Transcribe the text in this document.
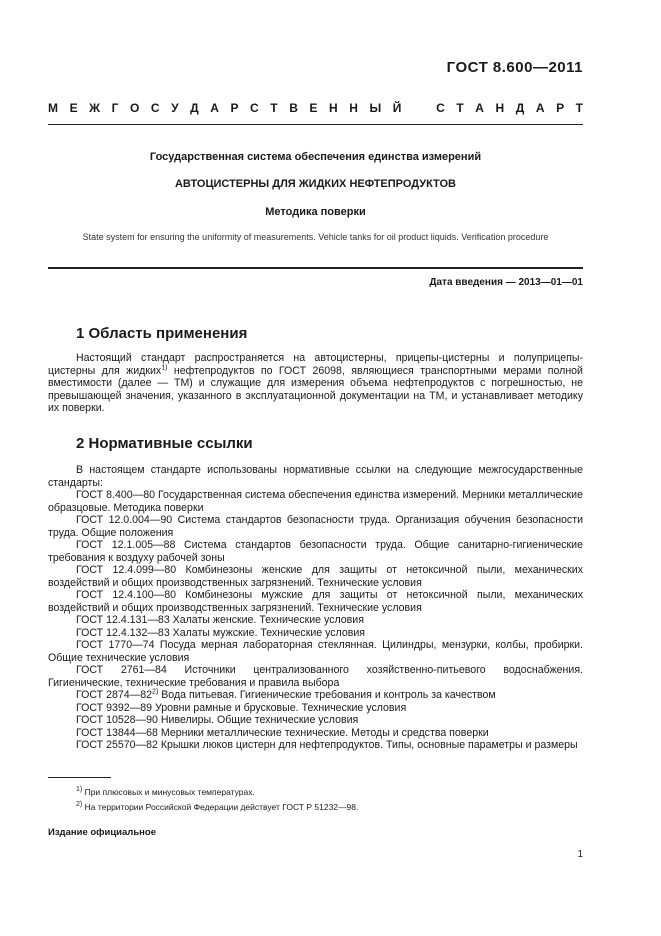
ГОСТ 8.600—2011
М Е Ж Г О С У Д А Р С Т В Е Н Н Ы Й	С Т А Н Д А Р Т
Государственная система обеспечения единства измерений
АВТОЦИСТЕРНЫ ДЛЯ ЖИДКИХ НЕФТЕПРОДУКТОВ
Методика поверки
State system for ensuring the uniformity of measurements. Vehicle tanks for oil product liquids. Verification procedure
Дата введения — 2013—01—01
1 Область применения

Настоящий стандарт распространяется на автоцистерны, прицепы-цистерны и полуприцепы-цистерны для жидких$^{1)}$ нефтепродуктов по ГОСТ 26098, являющиеся транспортными мерами полной вместимости (далее — ТМ) и служащие для измерения объема нефтепродуктов с погрешностью, не превышающей значения, указанного в эксплуатационной документации на ТМ, и устанавливает методику их поверки.

2 Нормативные ссылки

В настоящем стандарте использованы нормативные ссылки на следующие межгосударственные стандарты:

ГОСТ 8.400—80 Государственная система обеспечения единства измерений. Мерники металлические образцовые. Методика поверки

ГОСТ 12.0.004—90 Система стандартов безопасности труда. Организация обучения безопасности труда. Общие положения

ГОСТ 12.1.005—88 Система стандартов безопасности труда. Общие санитарно-гигиенические требования к воздуху рабочей зоны

ГОСТ 12.4.099—80 Комбинезоны женские для защиты от нетоксичной пыли, механических воздействий и общих производственных загрязнений. Технические условия

ГОСТ 12.4.100—80 Комбинезоны мужские для защиты от нетоксичной пыли, механических воздействий и общих производственных загрязнений. Технические условия

ГОСТ 12.4.131—83 Халаты женские. Технические условия

ГОСТ 12.4.132—83 Халаты мужские. Технические условия

ГОСТ 1770—74 Посуда мерная лабораторная стеклянная. Цилиндры, мензурки, колбы, пробирки. Общие технические условия

ГОСТ 2761—84 Источники централизованного хозяйственно-питьевого водоснабжения. Гигиенические, технические требования и правила выбора

ГОСТ 2874—82$^{2)}$ Вода питьевая. Гигиенические требования и контроль за качеством

ГОСТ 9392—89 Уровни рамные и брусковые. Технические условия

ГОСТ 10528—90 Нивелиры. Общие технические условия

ГОСТ 13844—68 Мерники металлические технические. Методы и средства поверки

ГОСТ 25570—82 Крышки люков цистерн для нефтепродуктов. Типы, основные параметры и размеры

$^{1)}$ При плюсовых и минусовых температурах.
$^{2)}$ На территории Российской Федерации действует ГОСТ Р 51232—98.
Издание официальное
1
